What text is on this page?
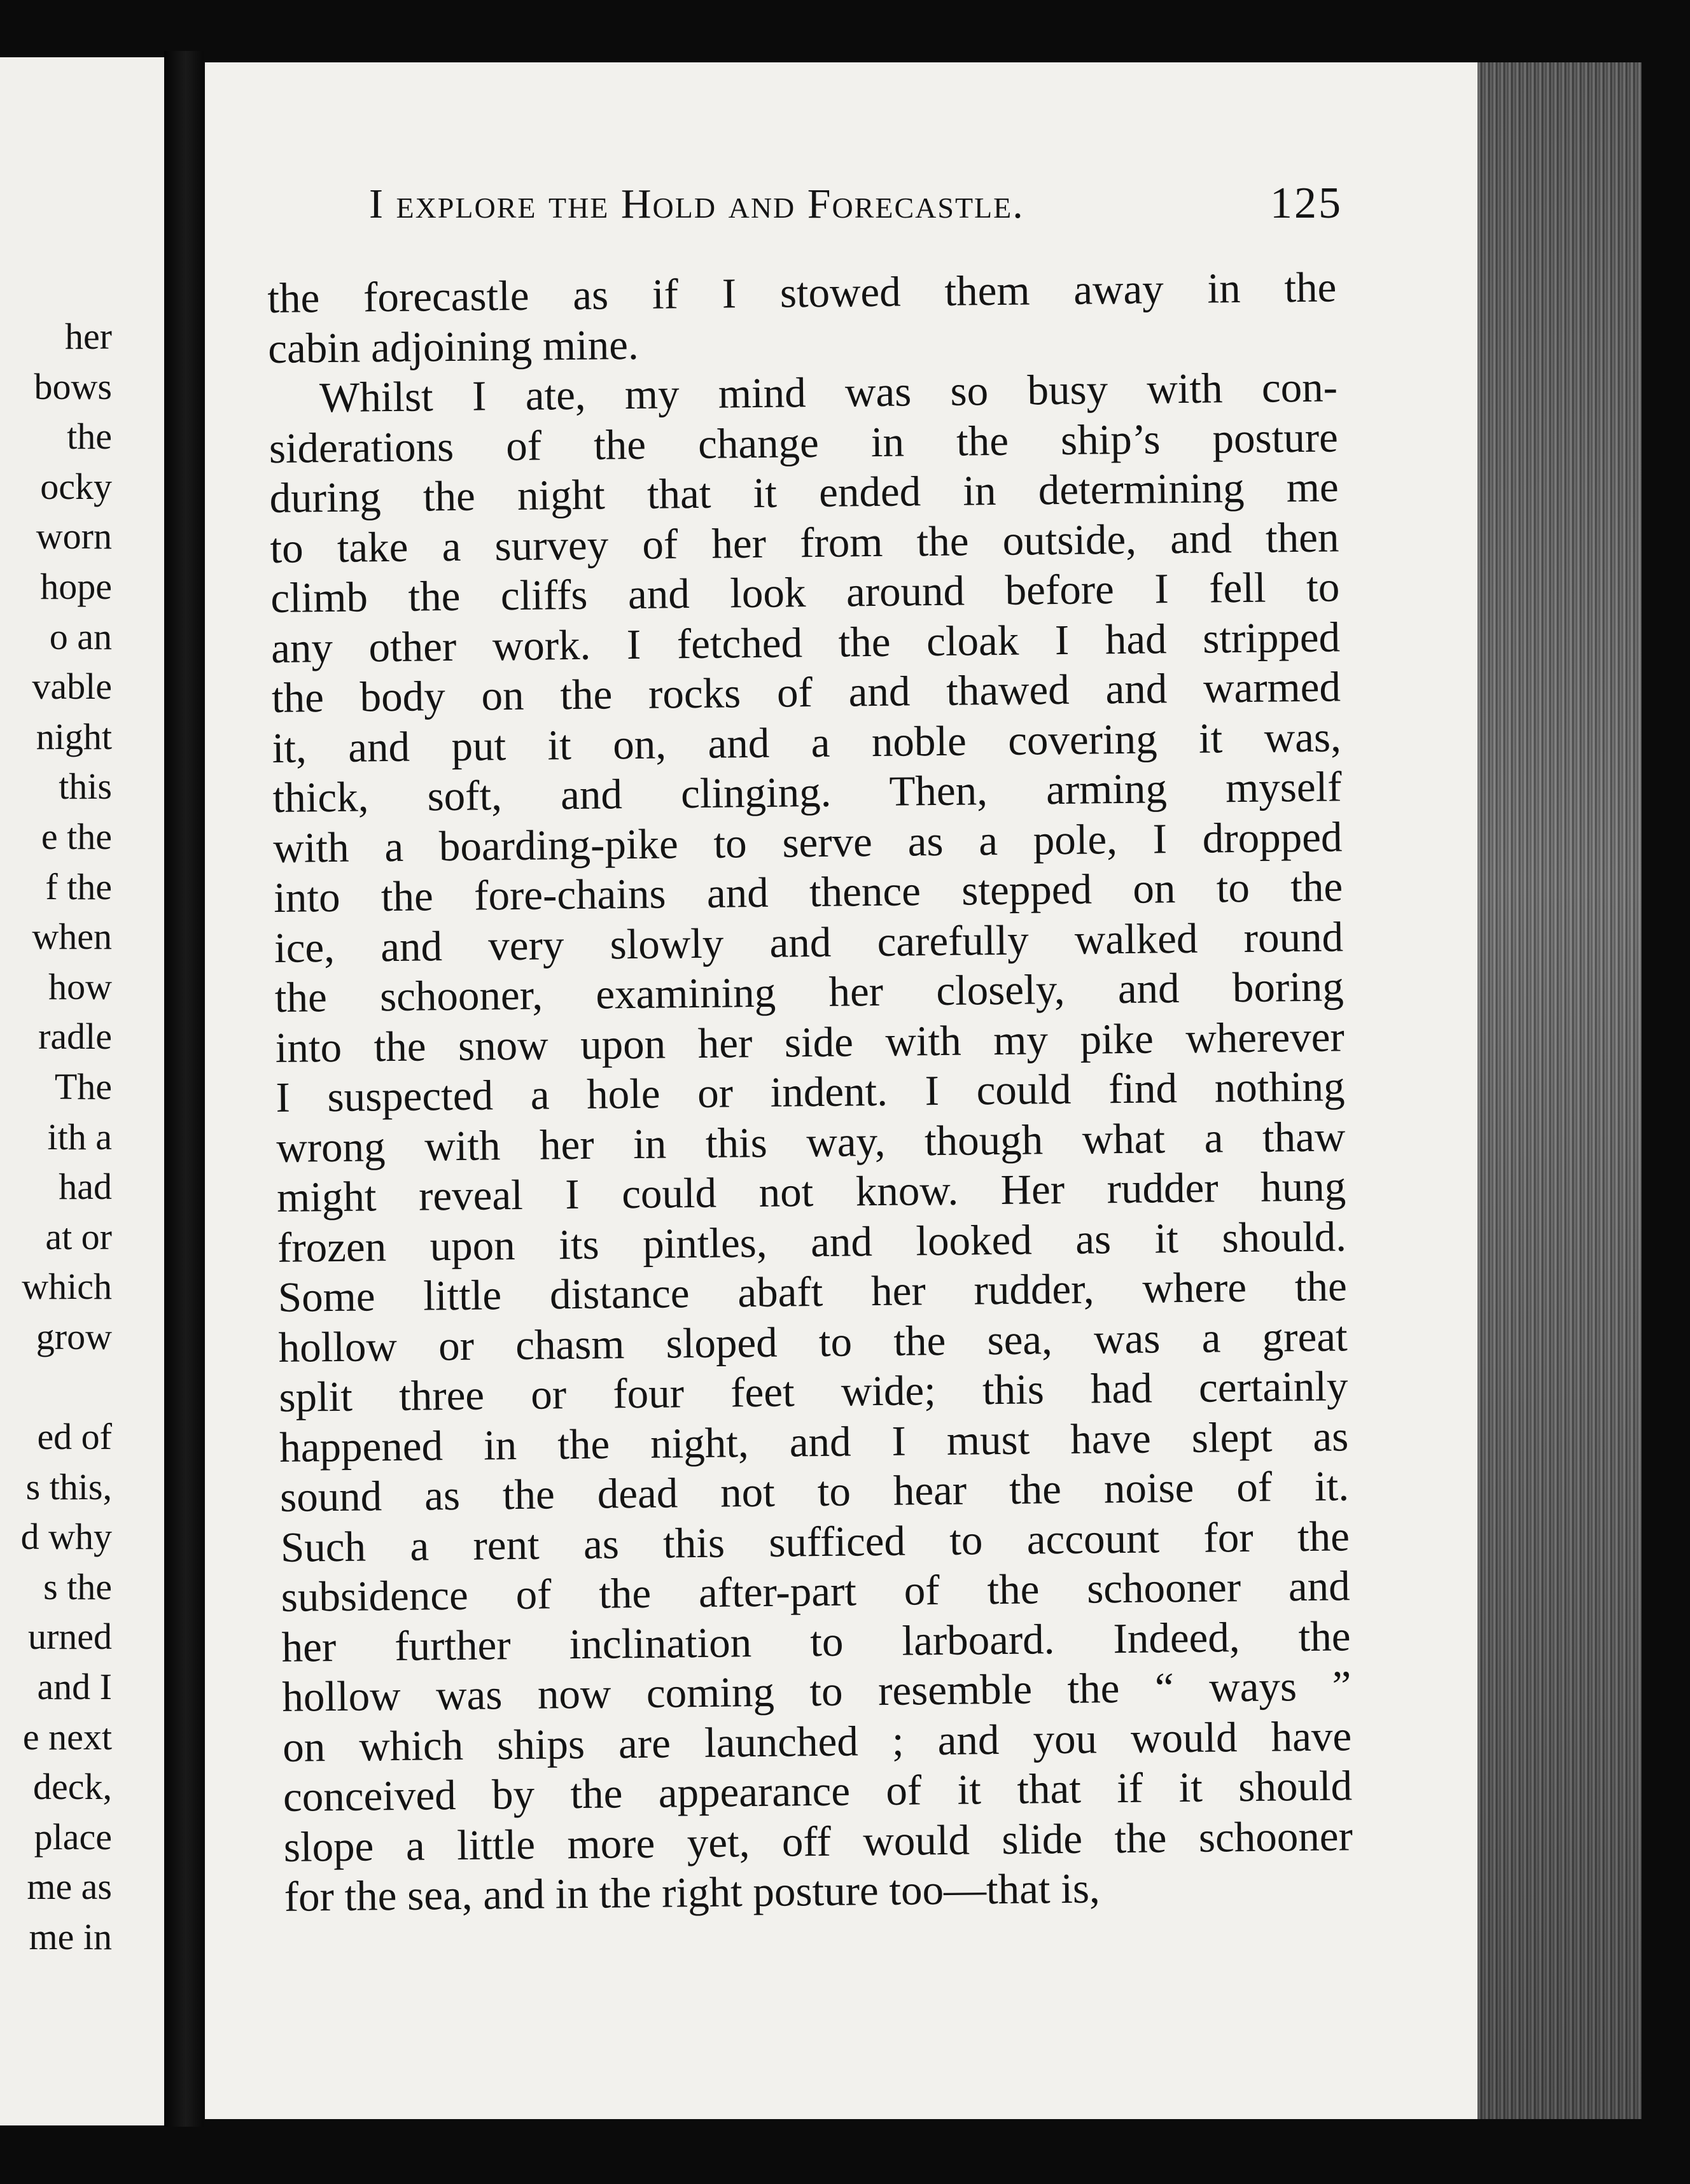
her
bows
the
ocky
worn
hope
o an
vable
night
this
e the
f the
when
how
radle
The
ith a
had
at or
which
grow

ed of
s this,
d why
s the
urned
and I
e next
deck,
place
me as
me in
I explore the Hold and Forecastle.	125
the forecastle as if I stowed them away in the
cabin adjoining mine.
Whilst I ate, my mind was so busy with con-
siderations of the change in the ship’s posture
during the night that it ended in determining me
to take a survey of her from the outside, and then
climb the cliffs and look around before I fell to
any other work. I fetched the cloak I had stripped
the body on the rocks of and thawed and warmed
it, and put it on, and a noble covering it was,
thick, soft, and clinging. Then, arming myself
with a boarding-pike to serve as a pole, I dropped
into the fore-chains and thence stepped on to the
ice, and very slowly and carefully walked round
the schooner, examining her closely, and boring
into the snow upon her side with my pike wherever
I suspected a hole or indent. I could find nothing
wrong with her in this way, though what a thaw
might reveal I could not know. Her rudder hung
frozen upon its pintles, and looked as it should.
Some little distance abaft her rudder, where the
hollow or chasm sloped to the sea, was a great
split three or four feet wide; this had certainly
happened in the night, and I must have slept as
sound as the dead not to hear the noise of it.
Such a rent as this sufficed to account for the
subsidence of the after-part of the schooner and
her further inclination to larboard. Indeed, the
hollow was now coming to resemble the “ ways ”
on which ships are launched ; and you would have
conceived by the appearance of it that if it should
slope a little more yet, off would slide the schooner
for the sea, and in the right posture too—that is,
